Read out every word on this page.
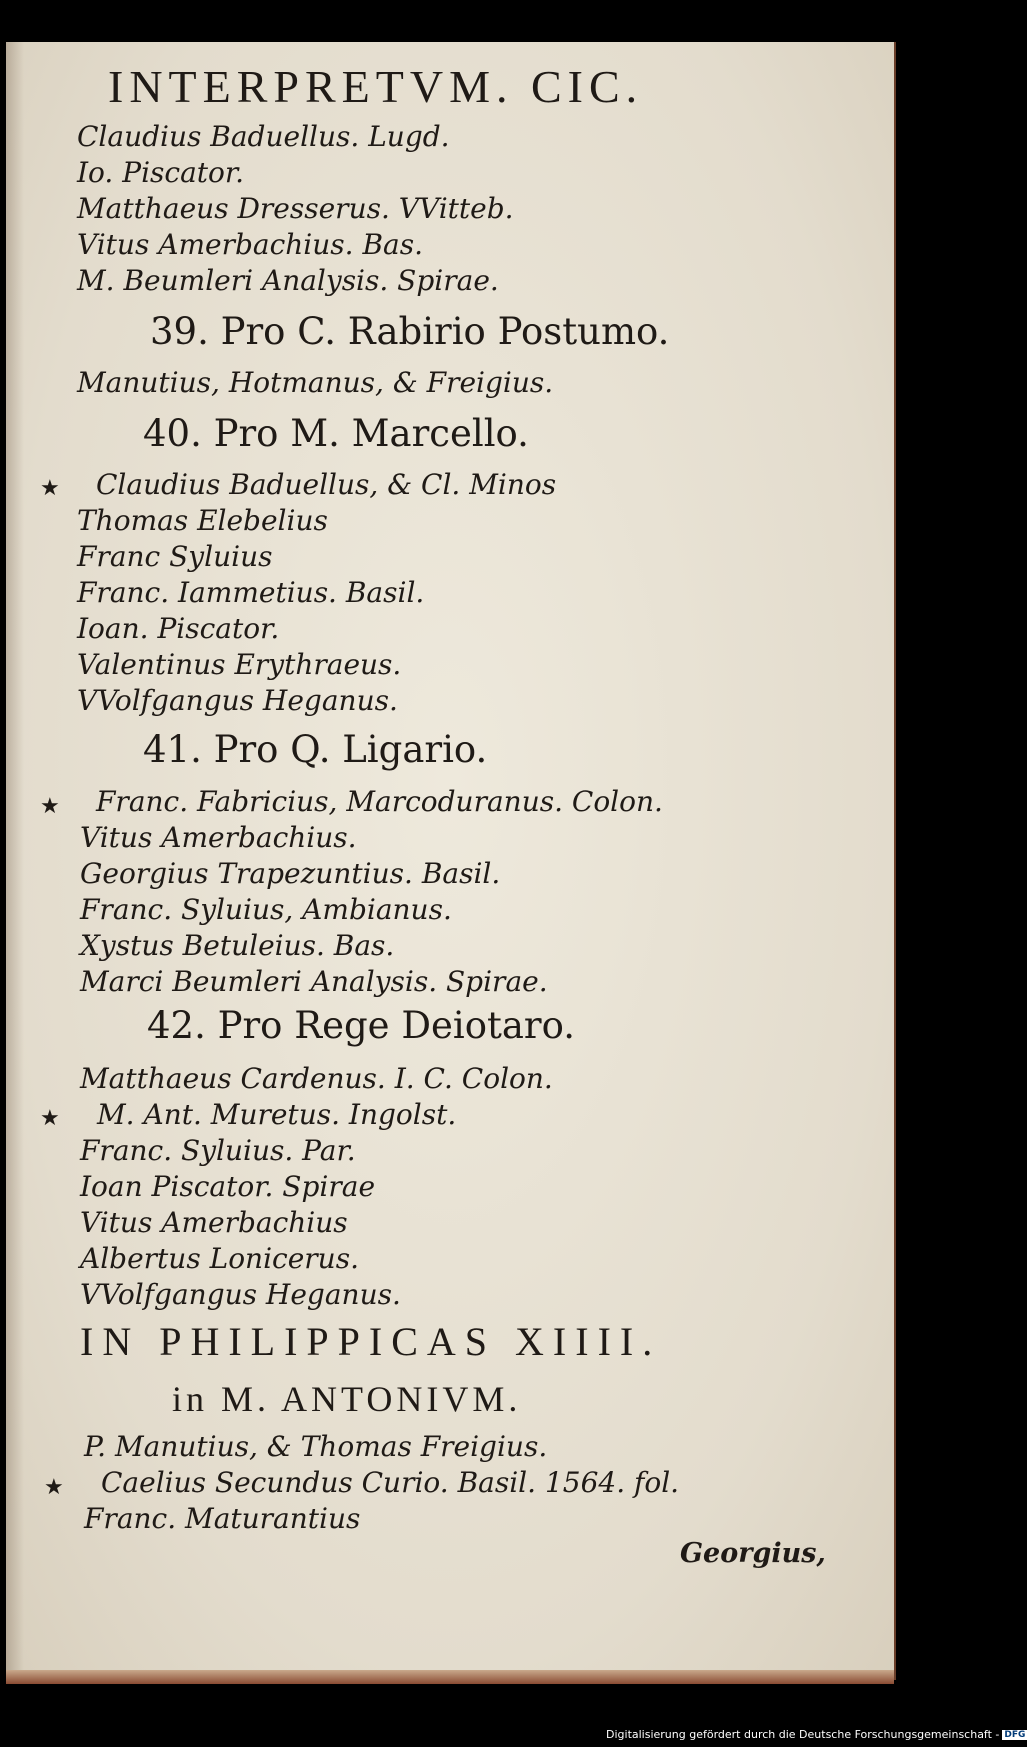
INTERPRETVM. CIC.
Claudius Baduellus. Lugd.
Io. Piscator.
Matthaeus Dresserus. VVitteb.
Vitus Amerbachius. Bas.
M. Beumleri Analysis. Spirae.
39. Pro C. Rabirio Postumo.
Manutius, Hotmanus, & Freigius.
40. Pro M. Marcello.
★ Claudius Baduellus, & Cl. Minos
Thomas Elebelius
Franc Syluius
Franc. Iammetius. Basil.
Ioan. Piscator.
Valentinus Erythraeus.
VVolfgangus Heganus.
41. Pro Q. Ligario.
★ Franc. Fabricius, Marcoduranus. Colon.
Vitus Amerbachius.
Georgius Trapezuntius. Basil.
Franc. Syluius, Ambianus.
Xystus Betuleius. Bas.
Marci Beumleri Analysis. Spirae.
42. Pro Rege Deiotaro.
Matthaeus Cardenus. I. C. Colon.
★ M. Ant. Muretus. Ingolst.
Franc. Syluius. Par.
Ioan Piscator. Spirae
Vitus Amerbachius
Albertus Lonicerus.
VVolfgangus Heganus.
IN PHILIPPICAS XIIII.
in M. ANTONIVM.
P. Manutius, & Thomas Freigius.
★ Caelius Secundus Curio. Basil. 1564. fol.
Franc. Maturantius
Georgius,
Digitalisierung gefördert durch die Deutsche Forschungsgemeinschaft - DFG
